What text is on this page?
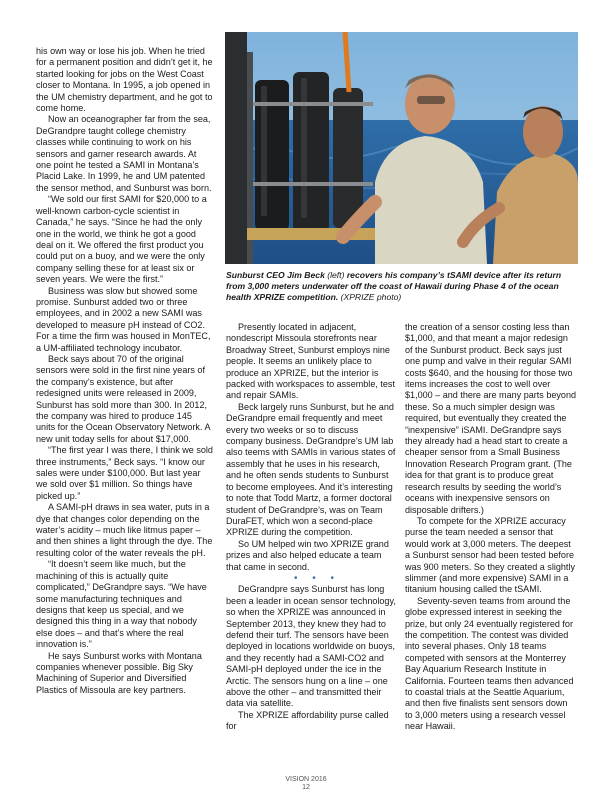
his own way or lose his job. When he tried for a permanent position and didn’t get it, he started looking for jobs on the West Coast closer to Montana. In 1995, a job opened in the UM chemistry department, and he got to come home.

Now an oceanographer far from the sea, DeGrandpre taught college chemistry classes while continuing to work on his sensors and garner research awards. At one point he tested a SAMI in Montana’s Placid Lake. In 1999, he and UM patented the sensor method, and Sunburst was born.

“We sold our first SAMI for $20,000 to a well-known carbon-cycle scientist in Canada,” he says. “Since he had the only one in the world, we think he got a good deal on it. We offered the first product you could put on a buoy, and we were the only company selling these for at least six or seven years. We were the first.”

Business was slow but showed some promise. Sunburst added two or three employees, and in 2002 a new SAMI was developed to measure pH instead of CO2. For a time the firm was housed in MonTEC, a UM-affiliated technology incubator.

Beck says about 70 of the original sensors were sold in the first nine years of the company’s existence, but after redesigned units were released in 2009, Sunburst has sold more than 300. In 2012, the company was hired to produce 145 units for the Ocean Observatory Network. A new unit today sells for about $17,000.

“The first year I was there, I think we sold three instruments,” Beck says. “I know our sales were under $100,000. But last year we sold over $1 million. So things have picked up.”

A SAMI-pH draws in sea water, puts in a dye that changes color depending on the water’s acidity – much like litmus paper – and then shines a light through the dye. The resulting color of the water reveals the pH.

“It doesn’t seem like much, but the machining of this is actually quite complicated,” DeGrandpre says. “We have some manufacturing techniques and designs that keep us special, and we designed this thing in a way that nobody else does – and that’s where the real innovation is.”

He says Sunburst works with Montana companies whenever possible. Big Sky Machining of Superior and Diversified Plastics of Missoula are key partners.

Sunburst CEO Jim Beck (left) recovers his company’s tSAMI device after its return from 3,000 meters underwater off the coast of Hawaii during Phase 4 of the ocean health XPRIZE competition. (XPRIZE photo)

Presently located in adjacent, nondescript Missoula storefronts near Broadway Street, Sunburst employs nine people. It seems an unlikely place to produce an XPRIZE, but the interior is packed with workspaces to assemble, test and repair SAMIs.

Beck largely runs Sunburst, but he and DeGrandpre email frequently and meet every two weeks or so to discuss company business. DeGrandpre’s UM lab also teems with SAMIs in various states of assembly that he uses in his research, and he often sends students to Sunburst to become employees. And it’s interesting to note that Todd Martz, a former doctoral student of DeGrandpre’s, was on Team DuraFET, which won a second-place XPRIZE during the competition.

So UM helped win two XPRIZE grand prizes and also helped educate a team that came in second.

• • •

DeGrandpre says Sunburst has long been a leader in ocean sensor technology, so when the XPRIZE was announced in September 2013, they knew they had to defend their turf. The sensors have been deployed in locations worldwide on buoys, and they recently had a SAMI-CO2 and SAMI-pH deployed under the ice in the Arctic. The sensors hung on a line – one above the other – and transmitted their data via satellite.

The XPRIZE affordability purse called for

the creation of a sensor costing less than $1,000, and that meant a major redesign of the Sunburst product. Beck says just one pump and valve in their regular SAMI costs $640, and the housing for those two items increases the cost to well over $1,000 – and there are many parts beyond these. So a much simpler design was required, but eventually they created the “inexpensive” iSAMI. DeGrandpre says they already had a head start to create a cheaper sensor from a Small Business Innovation Research Program grant. (The idea for that grant is to produce great research results by seeding the world’s oceans with inexpensive sensors on disposable drifters.)

To compete for the XPRIZE accuracy purse the team needed a sensor that would work at 3,000 meters. The deepest a Sunburst sensor had been tested before was 900 meters. So they created a slightly slimmer (and more expensive) SAMI in a titanium housing called the tSAMI.

Seventy-seven teams from around the globe expressed interest in seeking the prize, but only 24 eventually registered for the competition. The contest was divided into several phases. Only 18 teams competed with sensors at the Monterrey Bay Aquarium Research Institute in California. Fourteen teams then advanced to coastal trials at the Seattle Aquarium, and then five finalists sent sensors down to 3,000 meters using a research vessel near Hawaii.

VISION 2016
12
